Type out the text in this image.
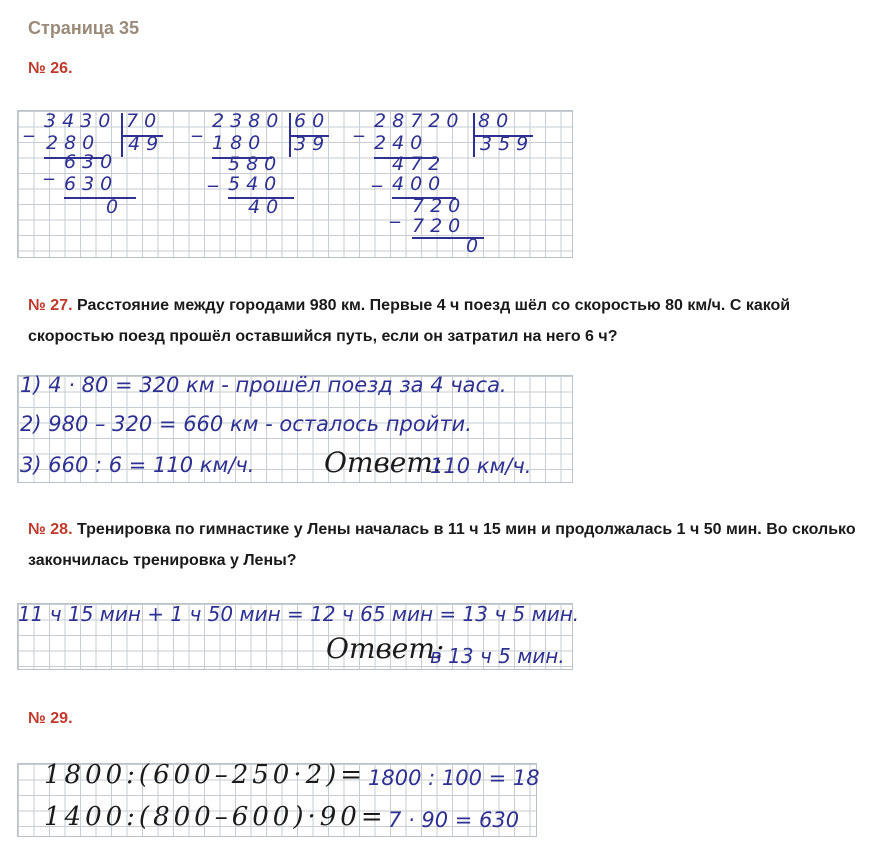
Страница 35
№ 26.
_ 3430 70
280 49
_ 630
630
0
_ 2380 60
180 39
_ 580
540
40
_ 28720 80
240	359
_ 472
400
_ 720
720
0
№ 27. Расстояние между городами 980 км. Первые 4 ч поезд шёл со скоростью 80 км/ч. С какой скоростью поезд прошёл оставшийся путь, если он затратил на него 6 ч?
1) 4 · 80 = 320 км - прошёл поезд за 4 часа.
2) 980 – 320 = 660 км - осталось пройти.
3) 660 : 6 = 110 км/ч. Ответ:
110 км/ч.
№ 28. Тренировка по гимнастике у Лены началась в 11 ч 15 мин и продолжалась 1 ч 50 мин. Во сколько закончилась тренировка у Лены?
11 ч 15 мин + 1 ч 50 мин = 12 ч 65 мин = 13 ч 5 мин.
Ответ:
в 13 ч 5 мин.
№ 29.
1800:(600–250·2)= 1800 : 100 = 18
1400:(800–600)·90= 7 · 90 = 630
